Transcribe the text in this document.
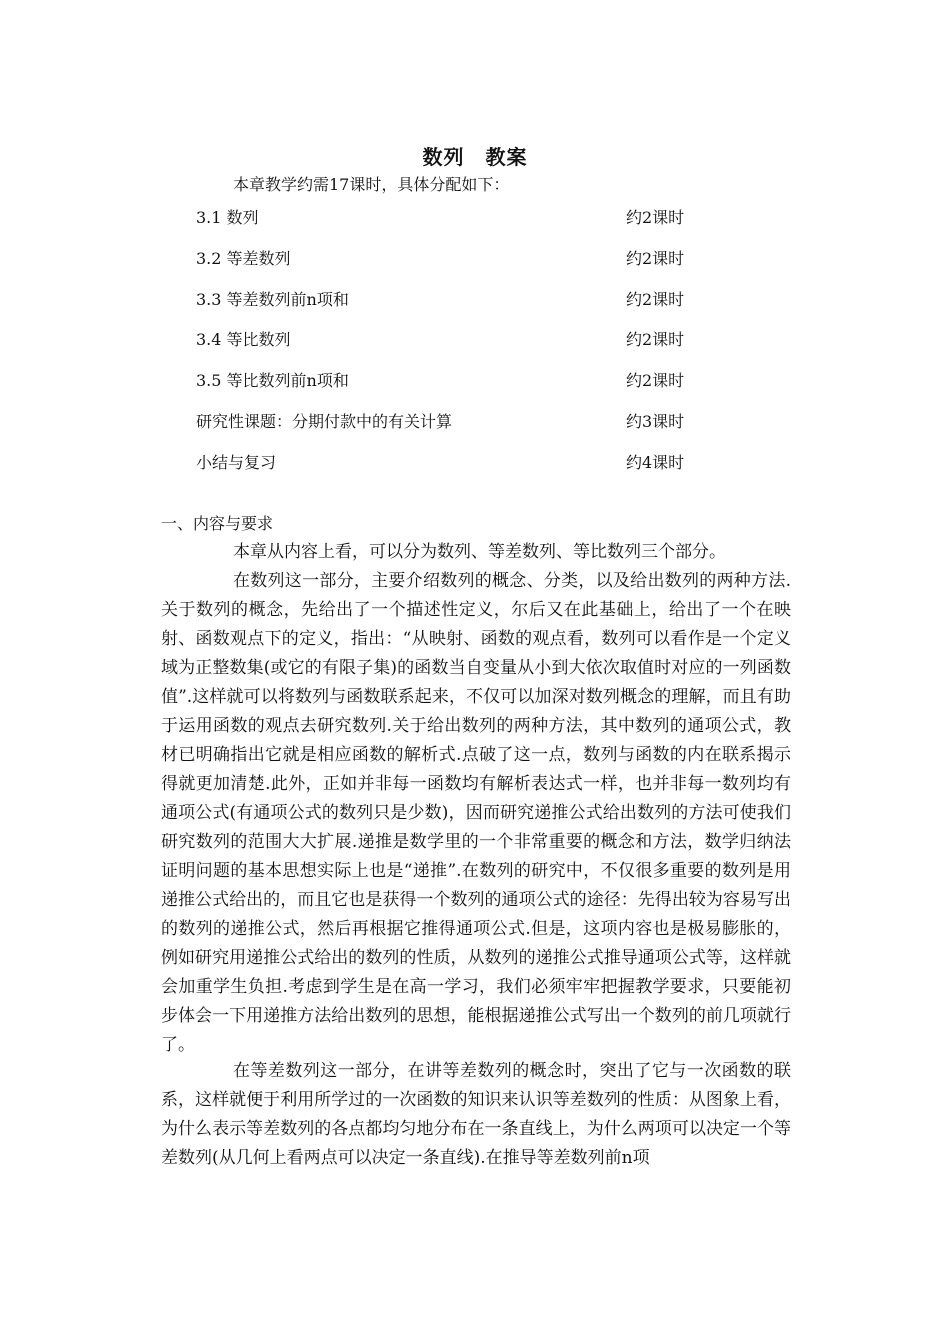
数列　教案
本章教学约需17课时，具体分配如下：
3.1 数列	约2课时
3.2 等差数列	约2课时
3.3 等差数列前n项和	约2课时
3.4 等比数列	约2课时
3.5 等比数列前n项和	约2课时
研究性课题：分期付款中的有关计算	约3课时
小结与复习	约4课时
一、内容与要求

本章从内容上看，可以分为数列、等差数列、等比数列三个部分。

在数列这一部分，主要介绍数列的概念、分类，以及给出数列的两种方法.关于数列的概念，先给出了一个描述性定义，尔后又在此基础上，给出了一个在映射、函数观点下的定义，指出：“从映射、函数的观点看，数列可以看作是一个定义域为正整数集(或它的有限子集)的函数当自变量从小到大依次取值时对应的一列函数值”.这样就可以将数列与函数联系起来，不仅可以加深对数列概念的理解，而且有助于运用函数的观点去研究数列.关于给出数列的两种方法，其中数列的通项公式，教材已明确指出它就是相应函数的解析式.点破了这一点，数列与函数的内在联系揭示得就更加清楚.此外，正如并非每一函数均有解析表达式一样，也并非每一数列均有通项公式(有通项公式的数列只是少数)，因而研究递推公式给出数列的方法可使我们研究数列的范围大大扩展.递推是数学里的一个非常重要的概念和方法，数学归纳法证明问题的基本思想实际上也是“递推”.在数列的研究中，不仅很多重要的数列是用递推公式给出的，而且它也是获得一个数列的通项公式的途径：先得出较为容易写出的数列的递推公式，然后再根据它推得通项公式.但是，这项内容也是极易膨胀的，例如研究用递推公式给出的数列的性质，从数列的递推公式推导通项公式等，这样就会加重学生负担.考虑到学生是在高一学习，我们必须牢牢把握教学要求，只要能初步体会一下用递推方法给出数列的思想，能根据递推公式写出一个数列的前几项就行了。

在等差数列这一部分，在讲等差数列的概念时，突出了它与一次函数的联系，这样就便于利用所学过的一次函数的知识来认识等差数列的性质：从图象上看，为什么表示等差数列的各点都均匀地分布在一条直线上，为什么两项可以决定一个等差数列(从几何上看两点可以决定一条直线).在推导等差数列前n项
